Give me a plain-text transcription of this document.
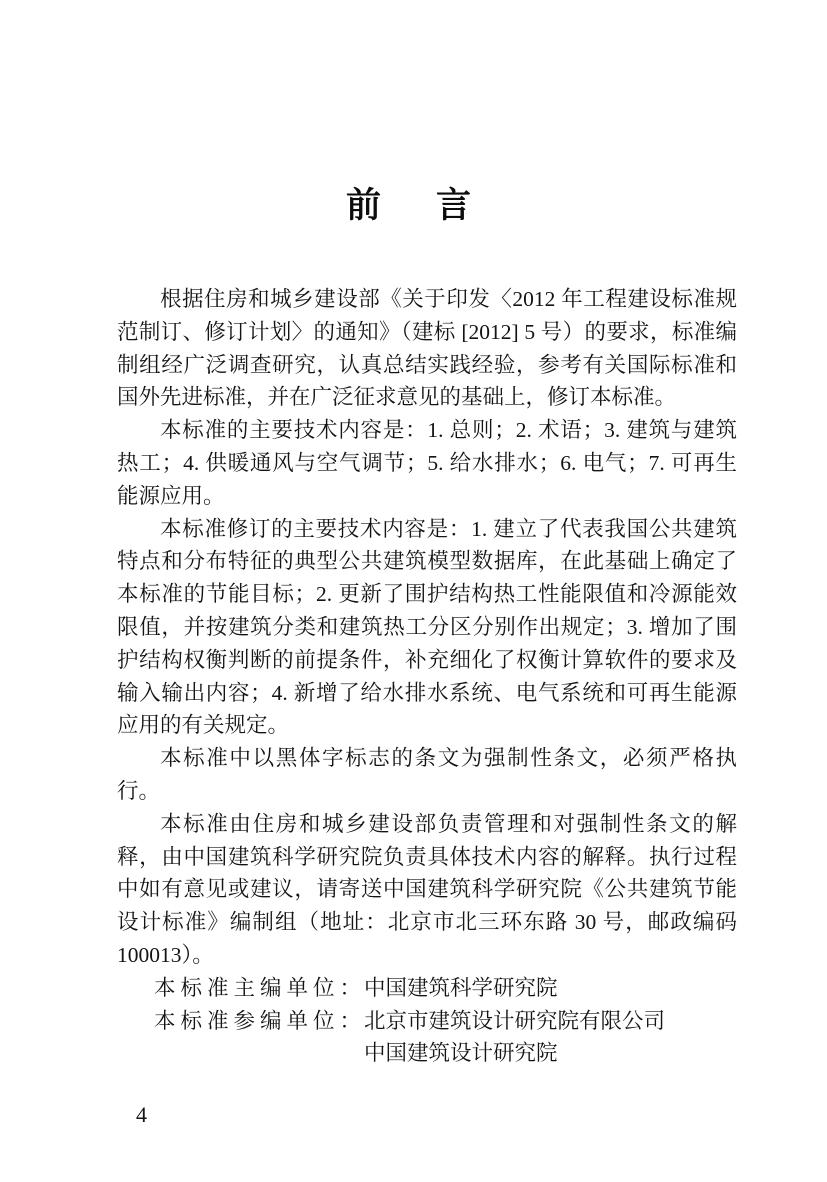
前　言

根据住房和城乡建设部《关于印发〈2012 年工程建设标准规范制订、修订计划〉的通知》（建标 [2012] 5 号）的要求，标准编制组经广泛调查研究，认真总结实践经验，参考有关国际标准和国外先进标准，并在广泛征求意见的基础上，修订本标准。

本标准的主要技术内容是：1. 总则；2. 术语；3. 建筑与建筑热工；4. 供暖通风与空气调节；5. 给水排水；6. 电气；7. 可再生能源应用。

本标准修订的主要技术内容是：1. 建立了代表我国公共建筑特点和分布特征的典型公共建筑模型数据库，在此基础上确定了本标准的节能目标；2. 更新了围护结构热工性能限值和冷源能效限值，并按建筑分类和建筑热工分区分别作出规定；3. 增加了围护结构权衡判断的前提条件，补充细化了权衡计算软件的要求及输入输出内容；4. 新增了给水排水系统、电气系统和可再生能源应用的有关规定。

本标准中以黑体字标志的条文为强制性条文，必须严格执行。

本标准由住房和城乡建设部负责管理和对强制性条文的解释，由中国建筑科学研究院负责具体技术内容的解释。执行过程中如有意见或建议，请寄送中国建筑科学研究院《公共建筑节能设计标准》编制组（地址：北京市北三环东路 30 号，邮政编码 100013）。

本标准主编单位：
中国建筑科学研究院
本标准参编单位：
北京市建筑设计研究院有限公司
中国建筑设计研究院
4
